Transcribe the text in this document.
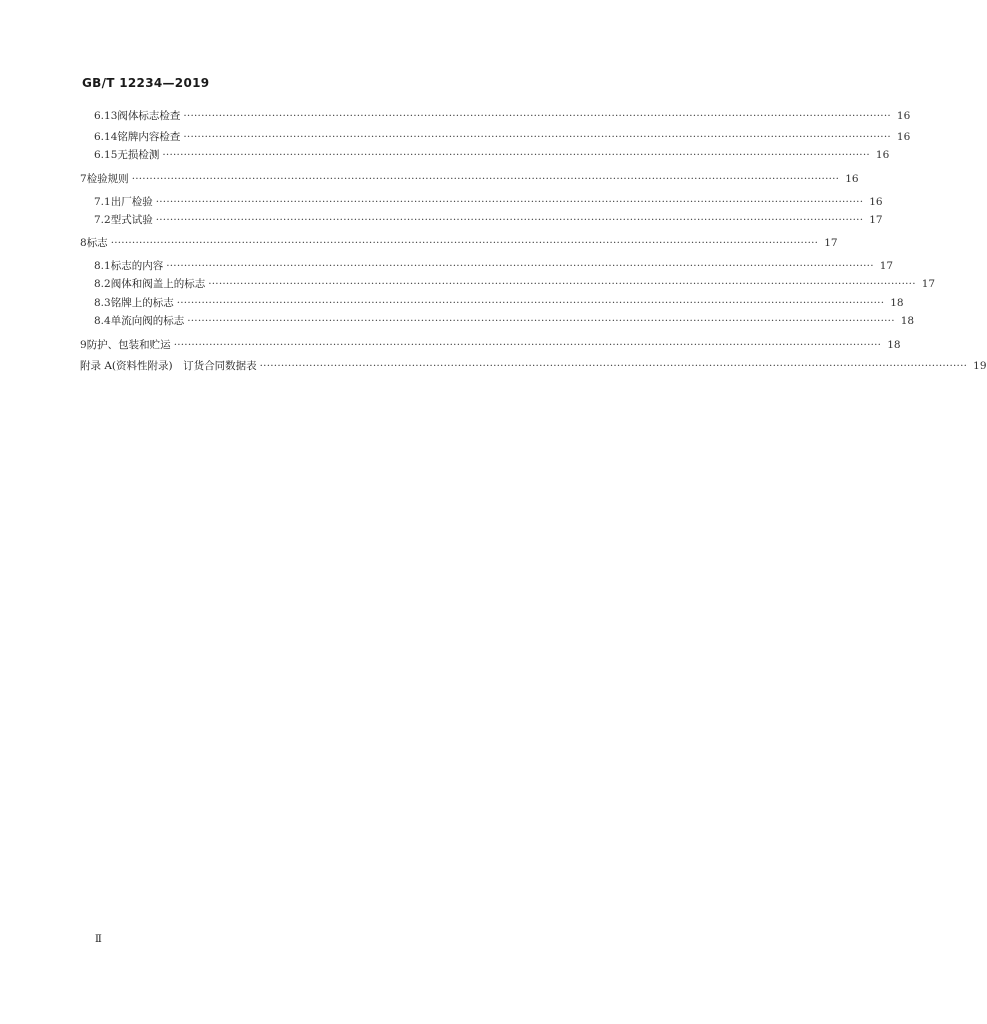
GB/T 12234—2019
6.13 阀体标志检查 ········································································································································································································ 16
6.14 铭牌内容检查 ········································································································································································································ 16
6.15 无损检测 ········································································································································································································ 16
7 检验规则 ········································································································································································································ 16
7.1 出厂检验 ········································································································································································································ 16
7.2 型式试验 ········································································································································································································ 17
8 标志 ········································································································································································································ 17
8.1 标志的内容 ········································································································································································································ 17
8.2 阀体和阀盖上的标志 ········································································································································································································ 17
8.3 铭牌上的标志 ········································································································································································································ 18
8.4 单流向阀的标志 ········································································································································································································ 18
9 防护、包装和贮运 ········································································································································································································ 18
附录 A(资料性附录)　订货合同数据表 ········································································································································································································ 19
Ⅱ
